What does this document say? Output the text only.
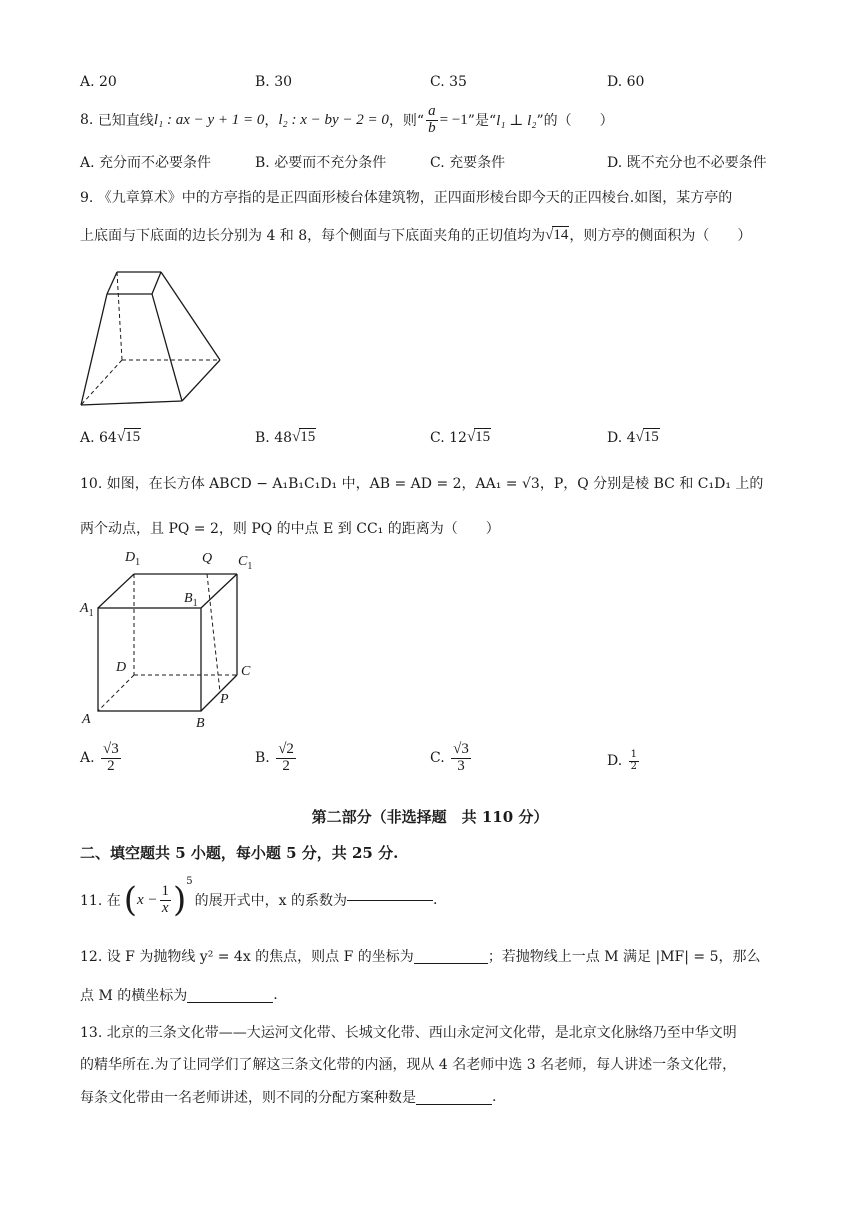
A. 20	B. 30	C. 35	D. 60
8.
已知直线 l₁ : ax − y + 1 = 0 ， l₂ : x − by − 2 = 0 ，则“ $\frac{a}{b} = -1$ ”是“ l₁ ⊥ l₂ ”的（　　）
A. 充分而不必要条件	B. 必要而不充分条件	C. 充要条件	D. 既不充分也不必要条件
9. 《九章算术》中的方亭指的是正四面形棱台体建筑物，正四面形棱台即今天的正四棱台.如图，某方亭的
上底面与下底面的边长分别为 4 和 8，每个侧面与下底面夹角的正切值均为 √14 ，则方亭的侧面积为（　　）
A. 64 √15	B. 48 √15	C. 12 √15	D. 4 √15
10. 如图，在长方体 ABCD − A₁B₁C₁D₁ 中，AB = AD = 2，AA₁ = √3，P，Q 分别是棱 BC 和 C₁D₁ 上的
两个动点，且 PQ = 2，则 PQ 的中点 E 到 CC₁ 的距离为（　　）
$D_1$	Q $C_1$
$A_1$
$B_1$
D	C
P
A	B
A.
$\frac{√3}{2}$	B.
$\frac{√2}{2}$	C.
$\frac{√3}{3}$	D.
$\frac{1}{2}$
第二部分（非选择题　共 110 分）
二、填空题共 5 小题，每小题 5 分，共 25 分.
11. 在 ( $x - \frac{1}{x}$ ) 5
的展开式中，x 的系数为	.
12. 设 F 为抛物线 y² = 4x 的焦点，则点 F 的坐标为	；若抛物线上一点 M 满足 |MF| = 5，那么
点 M 的横坐标为	.
13. 北京的三条文化带——大运河文化带、长城文化带、西山永定河文化带，是北京文化脉络乃至中华文明
的精华所在.为了让同学们了解这三条文化带的内涵，现从 4 名老师中选 3 名老师，每人讲述一条文化带，
每条文化带由一名老师讲述，则不同的分配方案种数是	.
